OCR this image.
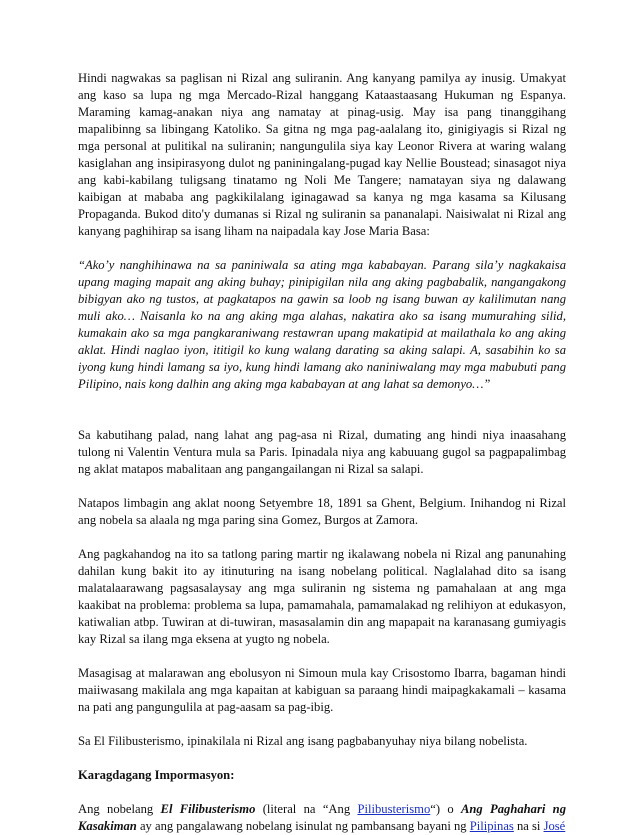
Hindi nagwakas sa paglisan ni Rizal ang suliranin. Ang kanyang pamilya ay inusig. Umakyat ang kaso sa lupa ng mga Mercado-Rizal hanggang Kataastaasang Hukuman ng Espanya. Maraming kamag-anakan niya ang namatay at pinag-usig. May isa pang tinanggihang mapalibinng sa libingang Katoliko. Sa gitna ng mga pag-aalalang ito, ginigiyagis si Rizal ng mga personal at pulitikal na suliranin; nangungulila siya kay Leonor Rivera at waring walang kasiglahan ang insipirasyong dulot ng paniningalang-pugad kay Nellie Boustead; sinasagot niya ang kabi-kabilang tuligsang tinatamo ng Noli Me Tangere; namatayan siya ng dalawang kaibigan at mababa ang pagkikilalang iginagawad sa kanya ng mga kasama sa Kilusang Propaganda. Bukod dito'y dumanas si Rizal ng suliranin sa pananalapi. Naisiwalat ni Rizal ang kanyang paghihirap sa isang liham na naipadala kay Jose Maria Basa:

“Ako’y nanghihinawa na sa paniniwala sa ating mga kababayan. Parang sila’y nagkakaisa upang maging mapait ang aking buhay; pinipigilan nila ang aking pagbabalik, nangangakong bibigyan ako ng tustos, at pagkatapos na gawin sa loob ng isang buwan ay kalilimutan nang muli ako… Naisanla ko na ang aking mga alahas, nakatira ako sa isang mumurahing silid, kumakain ako sa mga pangkaraniwang restawran upang makatipid at mailathala ko ang aking aklat. Hindi naglao iyon, ititigil ko kung walang darating sa aking salapi. A, sasabihin ko sa iyong kung hindi lamang sa iyo, kung hindi lamang ako naniniwalang may mga mabubuti pang Pilipino, nais kong dalhin ang aking mga kababayan at ang lahat sa demonyo…”

Sa kabutihang palad, nang lahat ang pag-asa ni Rizal, dumating ang hindi niya inaasahang tulong ni Valentin Ventura mula sa Paris. Ipinadala niya ang kabuuang gugol sa pagpapalimbag ng aklat matapos mabalitaan ang pangangailangan ni Rizal sa salapi.

Natapos limbagin ang aklat noong Setyembre 18, 1891 sa Ghent, Belgium. Inihandog ni Rizal ang nobela sa alaala ng mga paring sina Gomez, Burgos at Zamora.

Ang pagkahandog na ito sa tatlong paring martir ng ikalawang nobela ni Rizal ang panunahing dahilan kung bakit ito ay itinuturing na isang nobelang political. Naglalahad dito sa isang malatalaarawang pagsasalaysay ang mga suliranin ng sistema ng pamahalaan at ang mga kaakibat na problema: problema sa lupa, pamamahala, pamamalakad ng relihiyon at edukasyon, katiwalian atbp. Tuwiran at di-tuwiran, masasalamin din ang mapapait na karanasang gumiyagis kay Rizal sa ilang mga eksena at yugto ng nobela.

Masagisag at malarawan ang ebolusyon ni Simoun mula kay Crisostomo Ibarra, bagaman hindi maiiwasang makilala ang mga kapaitan at kabiguan sa paraang hindi maipagkakamali – kasama na pati ang pangungulila at pag-aasam sa pag-ibig.

Sa El Filibusterismo, ipinakilala ni Rizal ang isang pagbabanyuhay niya bilang nobelista.

Karagdagang Impormasyon:

Ang nobelang El Filibusterismo (literal na “Ang Pilibusterismo“) o Ang Paghahari ng Kasakiman ay ang pangalawang nobelang isinulat ng pambansang bayani ng Pilipinas na si José
